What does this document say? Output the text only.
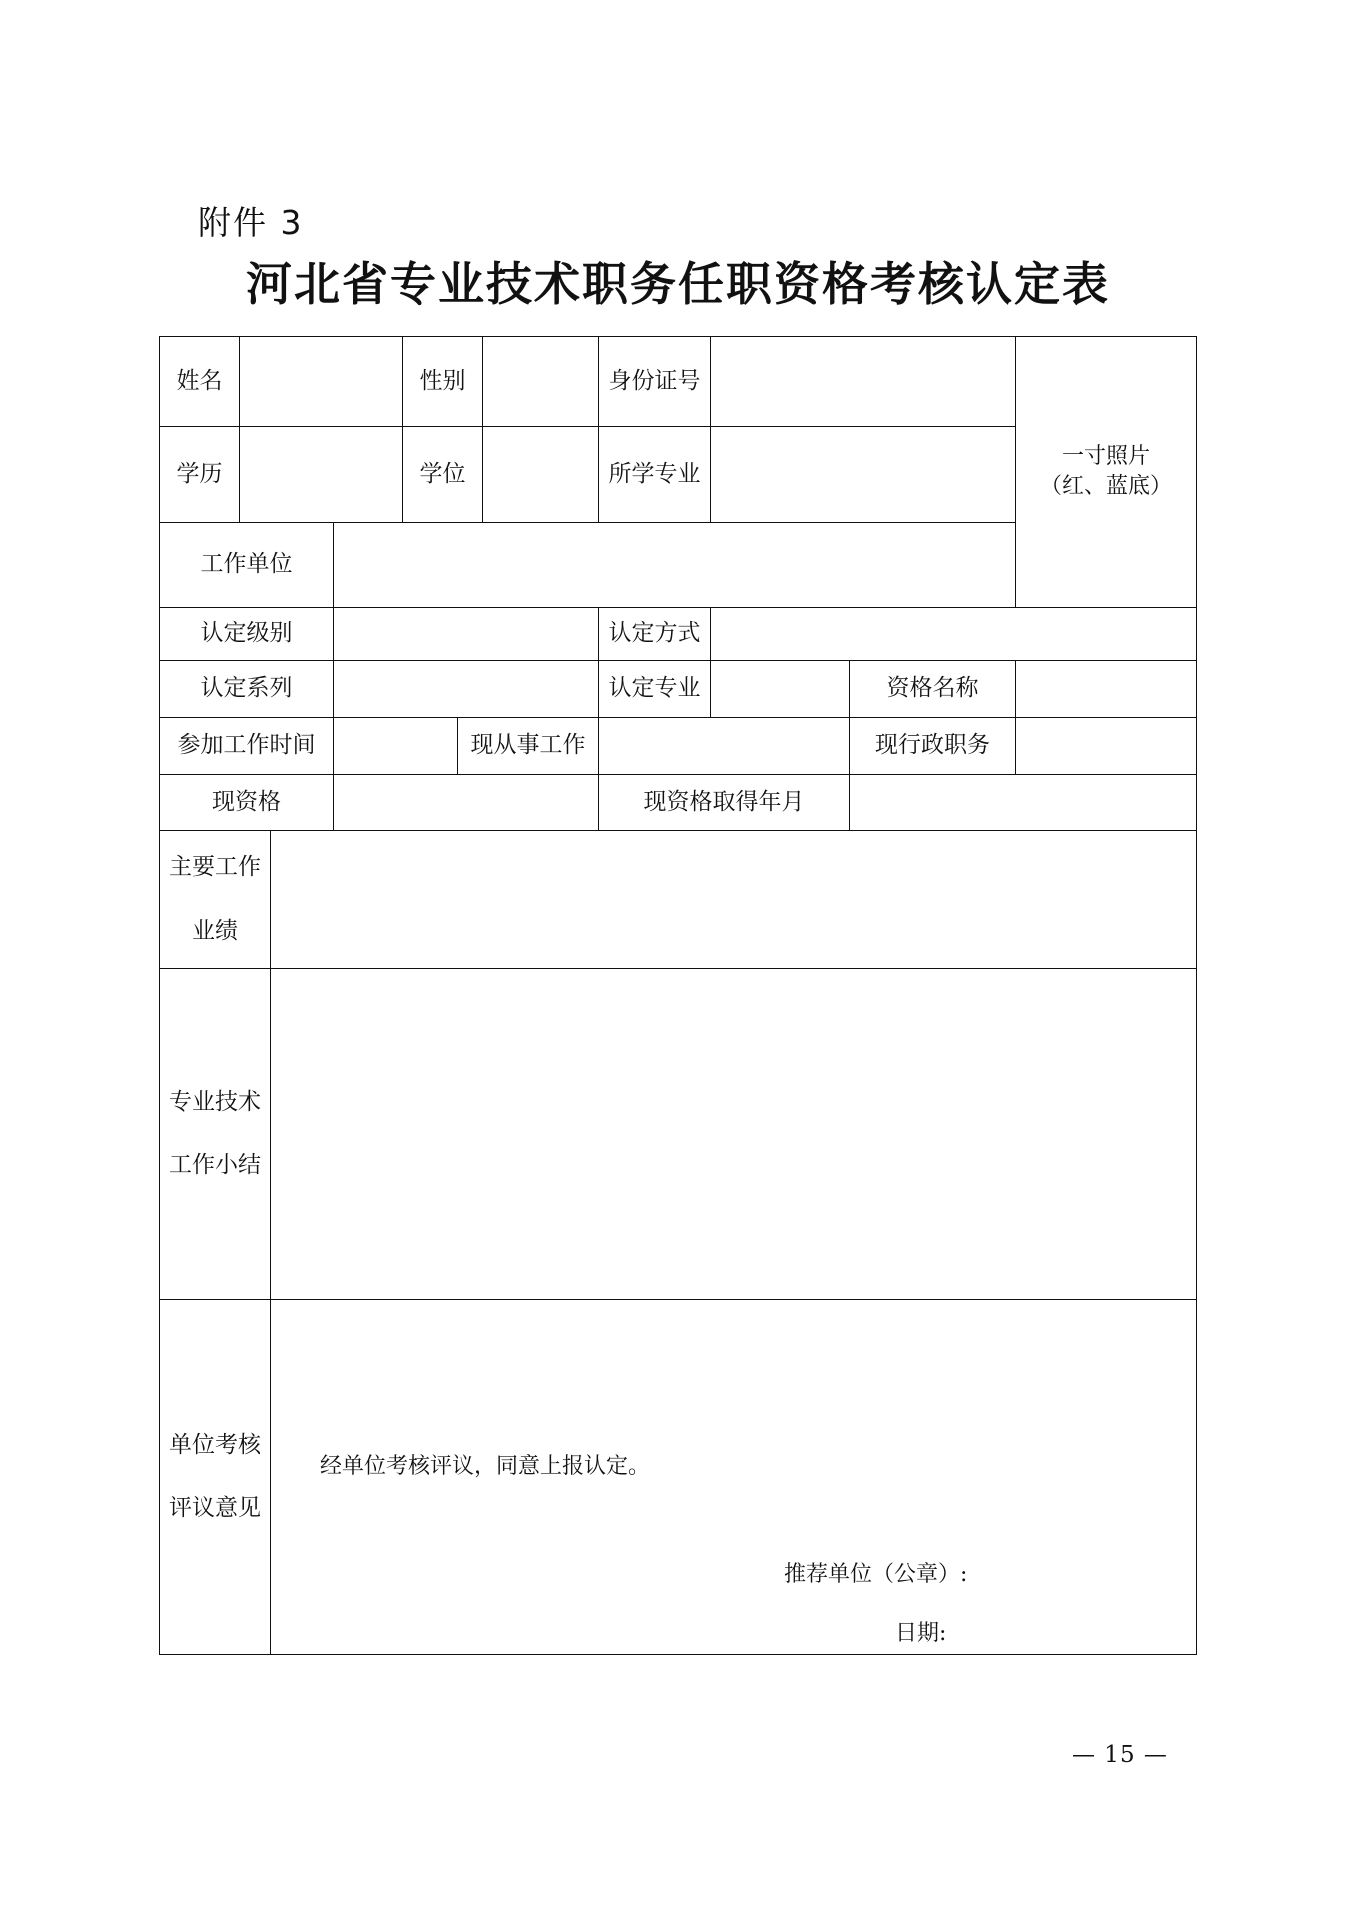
附件 3
河北省专业技术职务任职资格考核认定表
姓名	性别	身份证号
一寸照片
（红、蓝底）
学历	学位	所学专业
工作单位
认定级别	认定方式
认定系列	认定专业	资格名称
参加工作时间	现从事工作	现行政职务
现资格	现资格取得年月
主要工作
业绩
专业技术
工作小结
单位考核
评议意见
经单位考核评议，同意上报认定。
推荐单位（公章）:
日期:
— 15 —
